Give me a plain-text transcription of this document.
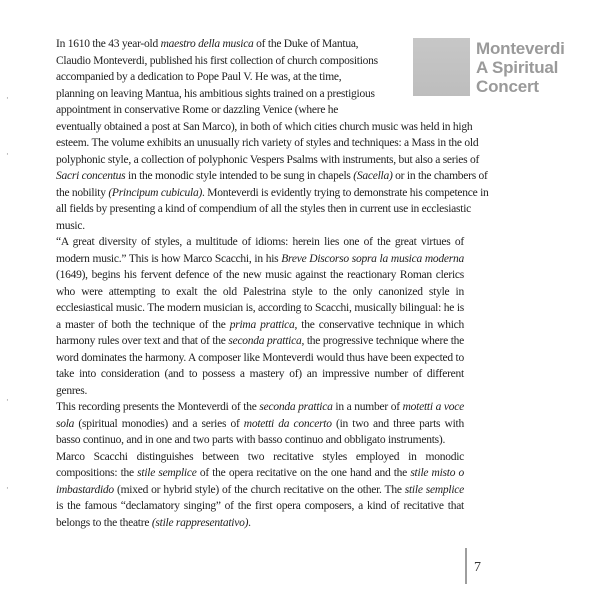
Monteverdi
A Spiritual
Concert

In 1610 the 43 year-old maestro della musica of the Duke of Mantua, Claudio Monteverdi, published his first collection of church compositions accompanied by a dedication to Pope Paul V. He was, at the time, planning on leaving Mantua, his ambitious sights trained on a prestigious appointment in conservative Rome or dazzling Venice (where he eventually obtained a post at San Marco), in both of which cities church music was held in high esteem. The volume exhibits an unusually rich variety of styles and techniques: a Mass in the old polyphonic style, a collection of polyphonic Vespers Psalms with instruments, but also a series of Sacri concentus in the monodic style intended to be sung in chapels (Sacella) or in the chambers of the nobility (Principum cubicula). Monteverdi is evidently trying to demonstrate his competence in all fields by presenting a kind of compendium of all the styles then in current use in ecclesiastic music.

“A great diversity of styles, a multitude of idioms: herein lies one of the great virtues of modern music.” This is how Marco Scacchi, in his Breve Discorso sopra la musica moderna (1649), begins his fervent defence of the new music against the reactionary Roman clerics who were attempting to exalt the old Palestrina style to the only canonized style in ecclesiastical music. The modern musician is, according to Scacchi, musically bilingual: he is a master of both the technique of the prima prattica, the conservative technique in which harmony rules over text and that of the seconda prattica, the progressive technique where the word dominates the harmony. A composer like Monteverdi would thus have been expected to take into consideration (and to possess a mastery of) an impressive number of different genres.

This recording presents the Monteverdi of the seconda prattica in a number of motetti a voce sola (spiritual monodies) and a series of motetti da concerto (in two and three parts with basso continuo, and in one and two parts with basso continuo and obbligato instruments).

Marco Scacchi distinguishes between two recitative styles employed in monodic compositions: the stile semplice of the opera recitative on the one hand and the stile misto o imbastardido (mixed or hybrid style) of the church recitative on the other. The stile semplice is the famous “declamatory singing” of the first opera composers, a kind of recitative that belongs to the theatre (stile rappresentativo).

7
·
·
·
·
